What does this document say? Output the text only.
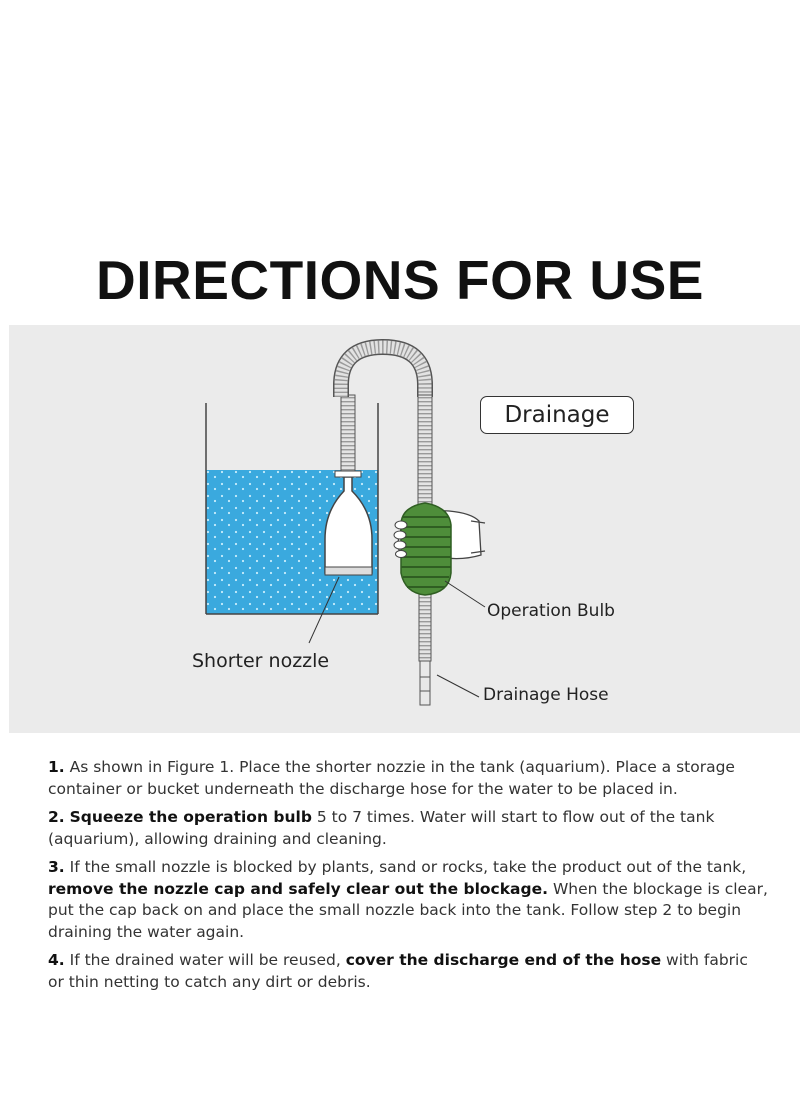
DIRECTIONS FOR USE
Drainage
Operation Bulb
Drainage Hose
Shorter nozzle

1. As shown in Figure 1. Place the shorter nozzie in the tank (aquarium). Place a storage container or bucket underneath the discharge hose for the water to be placed in.

2. Squeeze the operation bulb 5 to 7 times. Water will start to flow out of the tank (aquarium), allowing draining and cleaning.

3. If the small nozzle is blocked by plants, sand or rocks, take the product out of the tank, remove the nozzle cap and safely clear out the blockage. When the blockage is clear, put the cap back on and place the small nozzle back into the tank. Follow step 2 to begin draining the water again.

4. If the drained water will be reused, cover the discharge end of the hose with fabric or thin netting to catch any dirt or debris.
